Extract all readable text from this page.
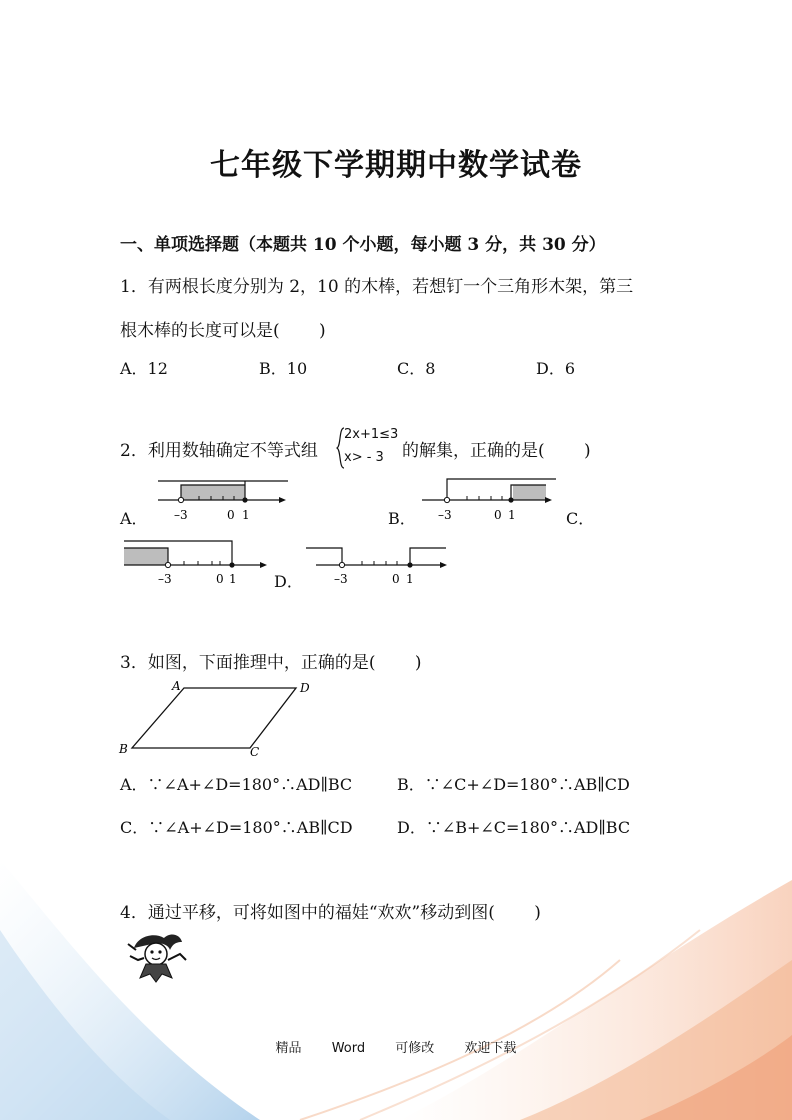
七年级下学期期中数学试卷
一、单项选择题（本题共 10 个小题，每小题 3 分，共 30 分）
1．有两根长度分别为 2，10 的木棒，若想钉一个三角形木架，第三
根木棒的长度可以是(　　 )
A．12	B．10	C．8	D．6
2．利用数轴确定不等式组
2x+1≤3
x> - 3 的解集，正确的是(　　 )
A．	B．	C．
D．
–3	0 1	–3	0 1
–3	0 1	–3	0 1
3．如图，下面推理中，正确的是(　　 )
A	D
B	C
A．∵∠A+∠D=180°∴AD∥BC	B．∵∠C+∠D=180°∴AB∥CD
C．∵∠A+∠D=180°∴AB∥CD	D．∵∠B+∠C=180°∴AD∥BC
4．通过平移，可将如图中的福娃“欢欢”移动到图(　　 )
精品 Word 可修改 欢迎下载
